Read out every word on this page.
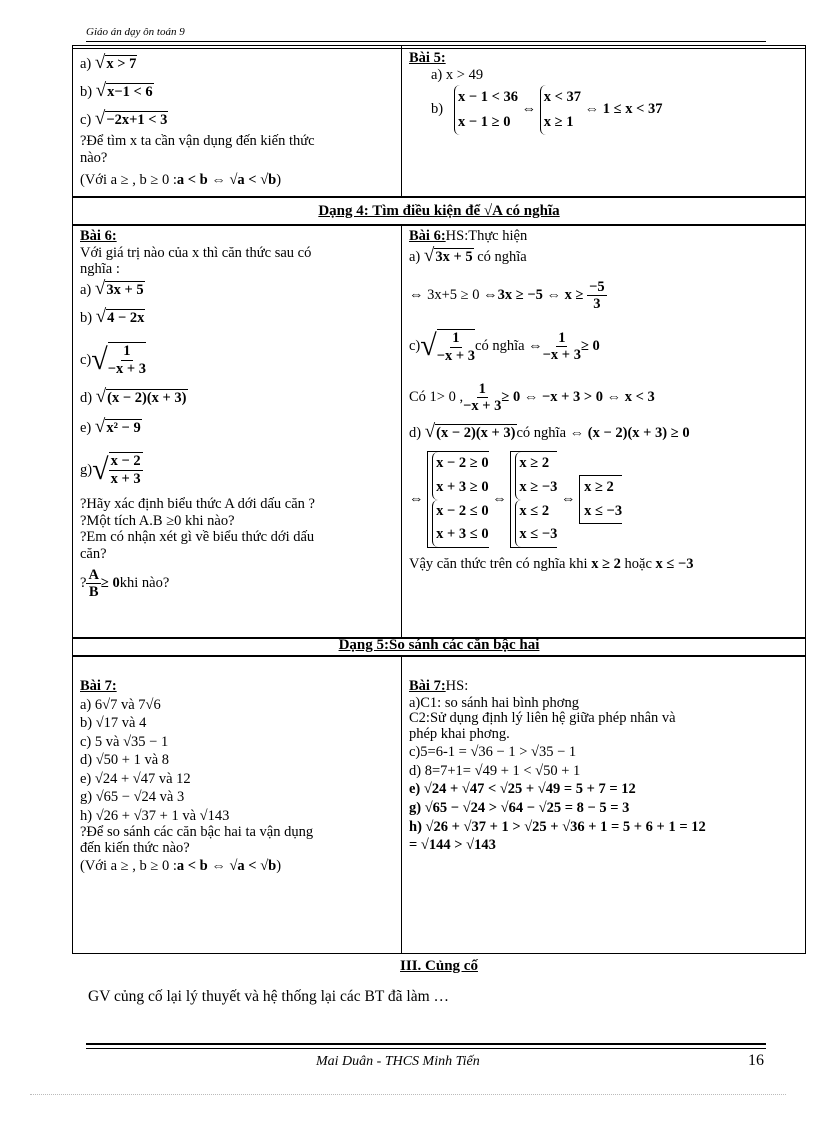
Giáo án dạy ôn toán 9
a) √x > 7
b) √x−1 < 6
c) √−2x+1 < 3
?Để tìm x ta cần vận dụng đến kiến thức
nào?
(Với a ≥ , b ≥ 0 :a < b ⇔ √a < √b)
Bài 5:
a) x > 49
b)   x − 1 < 36
x − 1 ≥ 0 ⇔ x < 37
x ≥ 1 ⇔ 1 ≤ x < 37
Dạng 4: Tìm điều kiện để √A có nghĩa
Bài 6:
Với giá trị nào của x thì căn thức sau có
nghĩa :
a) √3x + 5
b) √4 − 2x
c) √ $\frac{1}{-x + 3}$
d) √(x − 2)(x + 3)
e) √x² − 9
g) √ $\frac{x - 2}{x + 3}$
?Hãy xác định biểu thức A dới dấu căn ?
?Một tích A.B ≥0 khi nào?
?Em có nhận xét gì về biểu thức dới dấu
căn?
? $\frac{A}{B} \ge 0$ khi nào?
Bài 6:HS:Thực hiện
a) √3x + 5 có nghĩa
⇔ 3x+5 ≥ 0 ⇔ 3x ≥ −5 ⇔ x ≥
$\frac{-5}{3}$
c) √ $\frac{1}{-x + 3}$ có nghĩa ⇔ $\frac{1}{-x + 3} \ge 0$
Có 1> 0 , $\frac{1}{-x + 3} \ge 0$ ⇔ −x + 3 > 0 ⇔ x < 3
d) √(x − 2)(x + 3)có nghĩa ⇔ (x − 2)(x + 3) ≥ 0
⇔

x − 2 ≥ 0
x + 3 ≥ 0
x − 2 ≤ 0
x + 3 ≤ 0

⇔

x ≥ 2
x ≥ −3
x ≤ 2
x ≤ −3

⇔

x ≥ 2
x ≤ −3
Vậy căn thức trên có nghĩa khi x ≥ 2 hoặc x ≤ −3
Dạng 5:So sánh các căn bậc hai
Bài 7:
a) 6√7 và 7√6
b) √17 và 4
c) 5 và √35 − 1
d) √50 + 1 và 8
e) √24 + √47 và 12
g) √65 − √24 và 3
h) √26 + √37 + 1 và √143
?Để so sánh các căn bậc hai ta vận dụng
đến kiến thức nào?
(Với a ≥ , b ≥ 0 :a < b ⇔ √a < √b)
Bài 7:HS:
a)C1: so sánh hai bình phơng
C2:Sử dụng định lý liên hệ giữa phép nhân và
phép khai phơng.
c)5=6-1 = √36 − 1 > √35 − 1
d) 8=7+1= √49 + 1 < √50 + 1
e) √24 + √47 < √25 + √49 = 5 + 7 = 12
g) √65 − √24 > √64 − √25 = 8 − 5 = 3
h) √26 + √37 + 1 > √25 + √36 + 1 = 5 + 6 + 1 = 12
= √144 > √143
III. Củng cố
GV củng cố lại lý thuyết và hệ thống lại các BT đã làm …
Mai Duân - THCS Minh Tiến	16
